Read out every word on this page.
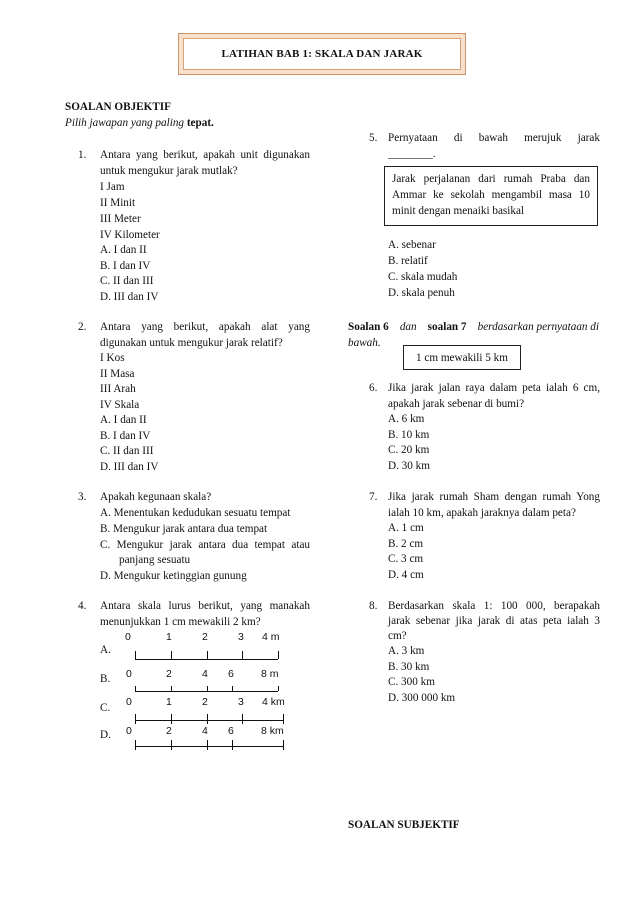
LATIHAN BAB 1: SKALA DAN JARAK
SOALAN OBJEKTIF
Pilih jawapan yang paling tepat.
1. Antara yang berikut, apakah unit digunakan
untuk mengukur jarak mutlak?
I Jam
II Minit
III Meter
IV Kilometer
A. I dan II
B. I dan IV
C. II dan III
D. III dan IV
2. Antara yang berikut, apakah alat yang
digunakan untuk mengukur jarak relatif?
I Kos
II Masa
III Arah
IV Skala
A. I dan II
B. I dan IV
C. II dan III
D. III dan IV
3. Apakah kegunaan skala?
A. Menentukan kedudukan sesuatu tempat
B. Mengukur jarak antara dua tempat
C. Mengukur jarak antara dua tempat atau
panjang sesuatu
D. Mengukur ketinggian gunung
4. Antara skala lurus berikut, yang manakah
menunjukkan 1 cm mewakili 2 km?
A.
0	1	2	3 4 m
B. 0	2	4 6	8 m
C. 0	1	2	3 4 km
D. 0	2	4 6	8 km
5. Pernyataan di bawah merujuk jarak
________.
Jarak perjalanan dari rumah Praba dan
Ammar ke sekolah mengambil masa 10
minit dengan menaiki basikal
A. sebenar
B. relatif
C. skala mudah
D. skala penuh
Soalan 6 dan soalan 7 berdasarkan pernyataan di
bawah.
1 cm mewakili 5 km
6. Jika jarak jalan raya dalam peta ialah 6 cm,
apakah jarak sebenar di bumi?
A. 6 km
B. 10 km
C. 20 km
D. 30 km
7. Jika jarak rumah Sham dengan rumah Yong
ialah 10 km, apakah jaraknya dalam peta?
A. 1 cm
B. 2 cm
C. 3 cm
D. 4 cm
8. Berdasarkan skala 1: 100 000, berapakah
jarak sebenar jika jarak di atas peta ialah 3
cm?
A. 3 km
B. 30 km
C. 300 km
D. 300 000 km
SOALAN SUBJEKTIF
